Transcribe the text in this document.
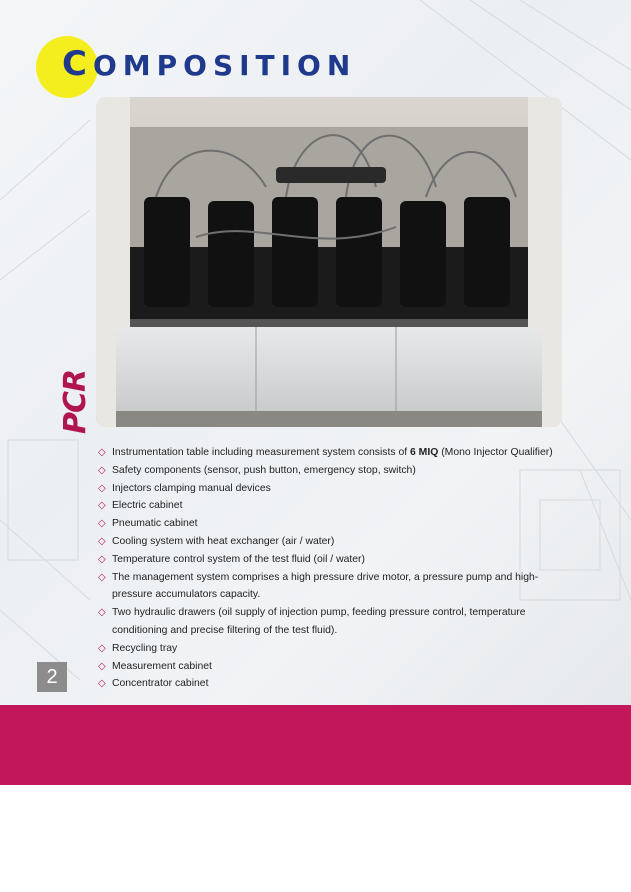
COMPOSITION
PCR
◇ Instrumentation table including measurement system consists of 6 MIQ (Mono Injector Qualifier)
◇ Safety components (sensor, push button, emergency stop, switch)
◇ Injectors clamping manual devices
◇ Electric cabinet
◇ Pneumatic cabinet
◇ Cooling system with heat exchanger (air / water)
◇ Temperature control system of the test fluid (oil / water)
◇ The management system comprises a high pressure drive motor, a pressure pump and high- pressure accumulators capacity.
◇ Two hydraulic drawers (oil supply of injection pump, feeding pressure control, temperature conditioning and precise filtering of the test fluid).
◇ Recycling tray
◇ Measurement cabinet
◇ Concentrator cabinet
2
